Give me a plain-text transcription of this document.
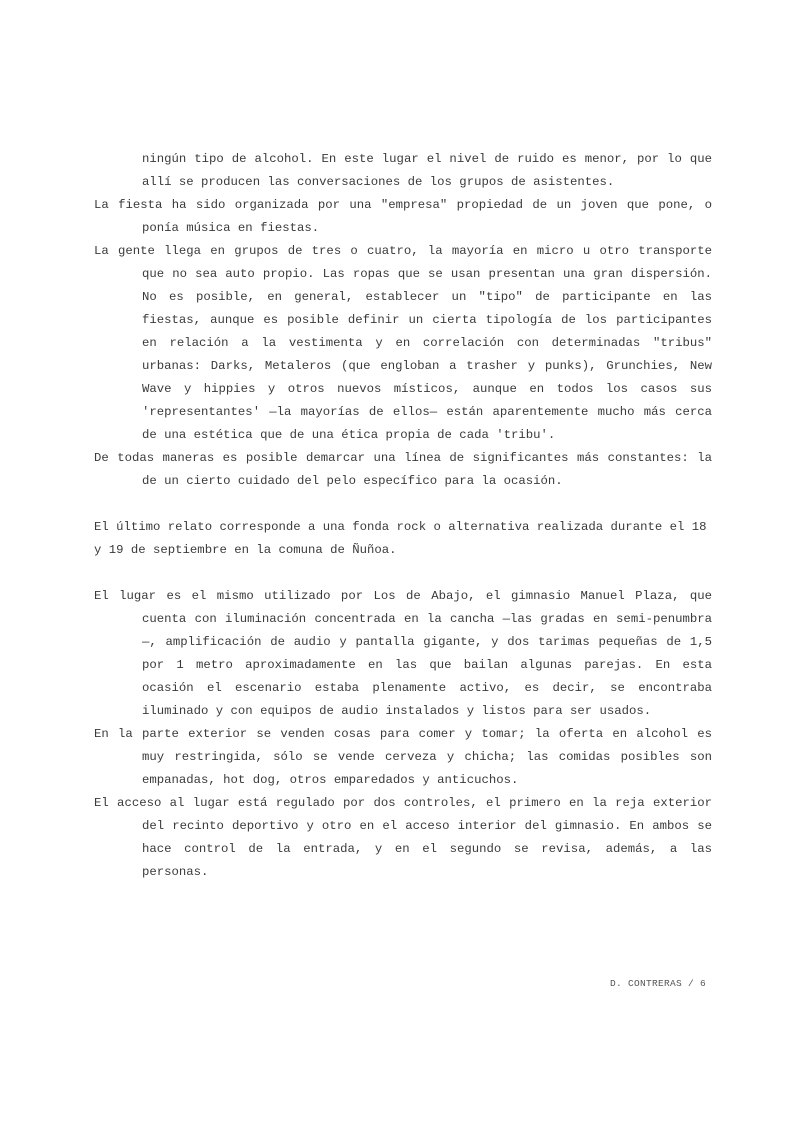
ningún tipo de alcohol. En este lugar el nivel de ruido es menor, por lo que allí se producen las conversaciones de los grupos de asistentes.

La fiesta ha sido organizada por una "empresa" propiedad de un joven que pone, o ponía música en fiestas.

La gente llega en grupos de tres o cuatro, la mayoría en micro u otro transporte que no sea auto propio. Las ropas que se usan presentan una gran dispersión. No es posible, en general, establecer un "tipo" de participante en las fiestas, aunque es posible definir un cierta tipología de los participantes en relación a la vestimenta y en correlación con determinadas "tribus" urbanas: Darks, Metaleros (que engloban a trasher y punks), Grunchies, New Wave y hippies y otros nuevos místicos, aunque en todos los casos sus 'representantes' —la mayorías de ellos— están aparentemente mucho más cerca de una estética que de una ética propia de cada 'tribu'.

De todas maneras es posible demarcar una línea de significantes más constantes: la de un cierto cuidado del pelo específico para la ocasión.

El último relato corresponde a una fonda rock o alternativa realizada durante el 18 y 19 de septiembre en la comuna de Ñuñoa.

El lugar es el mismo utilizado por Los de Abajo, el gimnasio Manuel Plaza, que cuenta con iluminación concentrada en la cancha —las gradas en semi-penumbra—, amplificación de audio y pantalla gigante, y dos tarimas pequeñas de 1,5 por 1 metro aproximadamente en las que bailan algunas parejas. En esta ocasión el escenario estaba plenamente activo, es decir, se encontraba iluminado y con equipos de audio instalados y listos para ser usados.

En la parte exterior se venden cosas para comer y tomar; la oferta en alcohol es muy restringida, sólo se vende cerveza y chicha; las comidas posibles son empanadas, hot dog, otros emparedados y anticuchos.

El acceso al lugar está regulado por dos controles, el primero en la reja exterior del recinto deportivo y otro en el acceso interior del gimnasio. En ambos se hace control de la entrada, y en el segundo se revisa, además, a las personas.

D. CONTRERAS / 6
